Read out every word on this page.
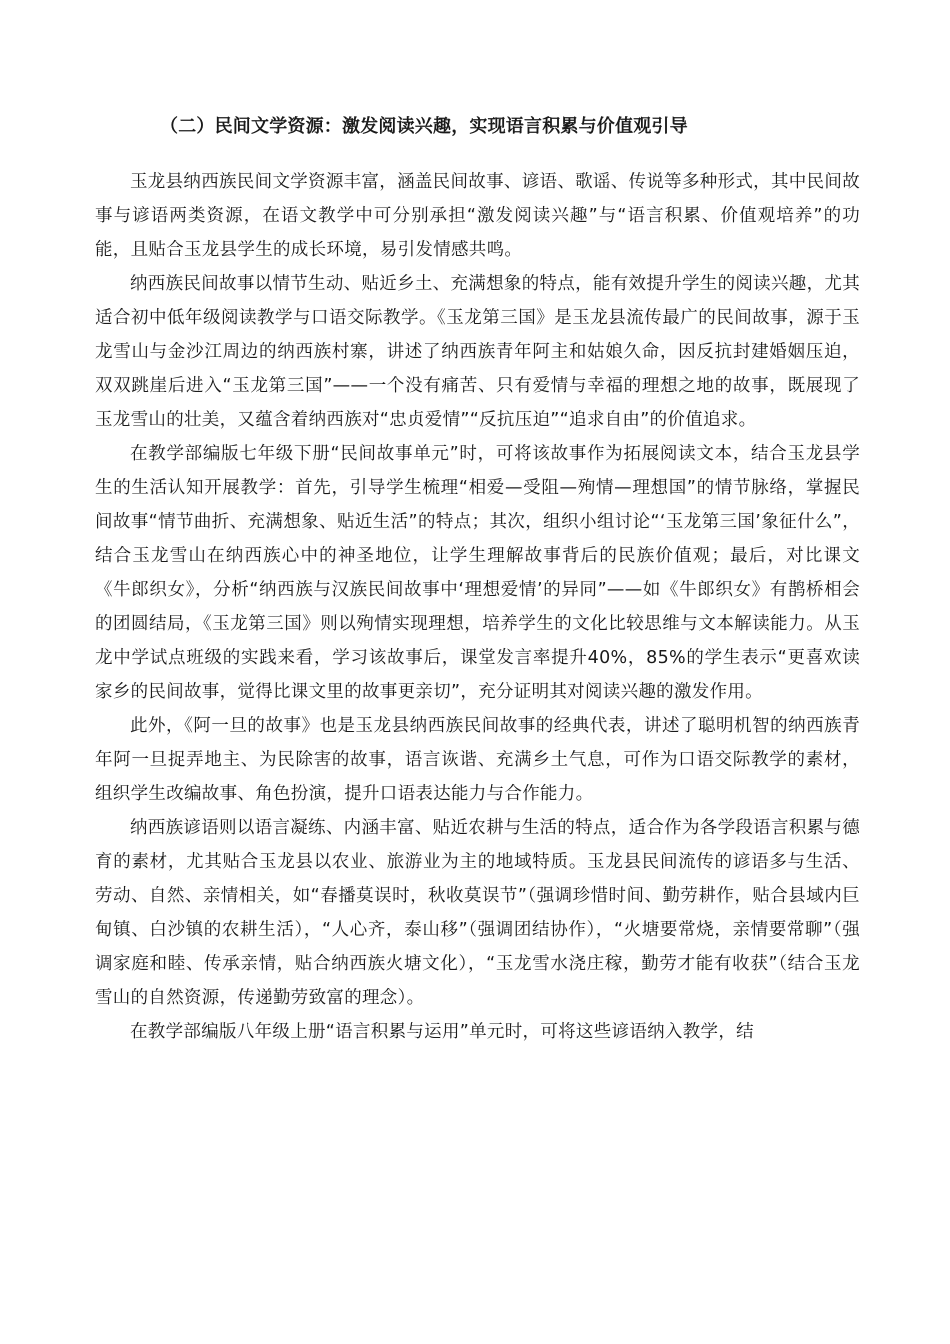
（二）民间文学资源：激发阅读兴趣，实现语言积累与价值观引导

玉龙县纳西族民间文学资源丰富，涵盖民间故事、谚语、歌谣、传说等多种形式，其中民间故事与谚语两类资源，在语文教学中可分别承担“激发阅读兴趣”与“语言积累、价值观培养”的功能，且贴合玉龙县学生的成长环境，易引发情感共鸣。

纳西族民间故事以情节生动、贴近乡土、充满想象的特点，能有效提升学生的阅读兴趣，尤其适合初中低年级阅读教学与口语交际教学。《玉龙第三国》是玉龙县流传最广的民间故事，源于玉龙雪山与金沙江周边的纳西族村寨，讲述了纳西族青年阿主和姑娘久命，因反抗封建婚姻压迫，双双跳崖后进入“玉龙第三国”——一个没有痛苦、只有爱情与幸福的理想之地的故事，既展现了玉龙雪山的壮美，又蕴含着纳西族对“忠贞爱情”“反抗压迫”“追求自由”的价值追求。

在教学部编版七年级下册“民间故事单元”时，可将该故事作为拓展阅读文本，结合玉龙县学生的生活认知开展教学：首先，引导学生梳理“相爱—受阻—殉情—理想国”的情节脉络，掌握民间故事“情节曲折、充满想象、贴近生活”的特点；其次，组织小组讨论“‘玉龙第三国’象征什么”，结合玉龙雪山在纳西族心中的神圣地位，让学生理解故事背后的民族价值观；最后，对比课文《牛郎织女》，分析“纳西族与汉族民间故事中‘理想爱情’的异同”——如《牛郎织女》有鹊桥相会的团圆结局，《玉龙第三国》则以殉情实现理想，培养学生的文化比较思维与文本解读能力。从玉龙中学试点班级的实践来看，学习该故事后，课堂发言率提升40%，85%的学生表示“更喜欢读家乡的民间故事，觉得比课文里的故事更亲切”，充分证明其对阅读兴趣的激发作用。

此外，《阿一旦的故事》也是玉龙县纳西族民间故事的经典代表，讲述了聪明机智的纳西族青年阿一旦捉弄地主、为民除害的故事，语言诙谐、充满乡土气息，可作为口语交际教学的素材，组织学生改编故事、角色扮演，提升口语表达能力与合作能力。

纳西族谚语则以语言凝练、内涵丰富、贴近农耕与生活的特点，适合作为各学段语言积累与德育的素材，尤其贴合玉龙县以农业、旅游业为主的地域特质。玉龙县民间流传的谚语多与生活、劳动、自然、亲情相关，如“春播莫误时，秋收莫误节”（强调珍惜时间、勤劳耕作，贴合县域内巨甸镇、白沙镇的农耕生活），“人心齐，泰山移”（强调团结协作），“火塘要常烧，亲情要常聊”（强调家庭和睦、传承亲情，贴合纳西族火塘文化），“玉龙雪水浇庄稼，勤劳才能有收获”（结合玉龙雪山的自然资源，传递勤劳致富的理念）。

在教学部编版八年级上册“语言积累与运用”单元时，可将这些谚语纳入教学，结
